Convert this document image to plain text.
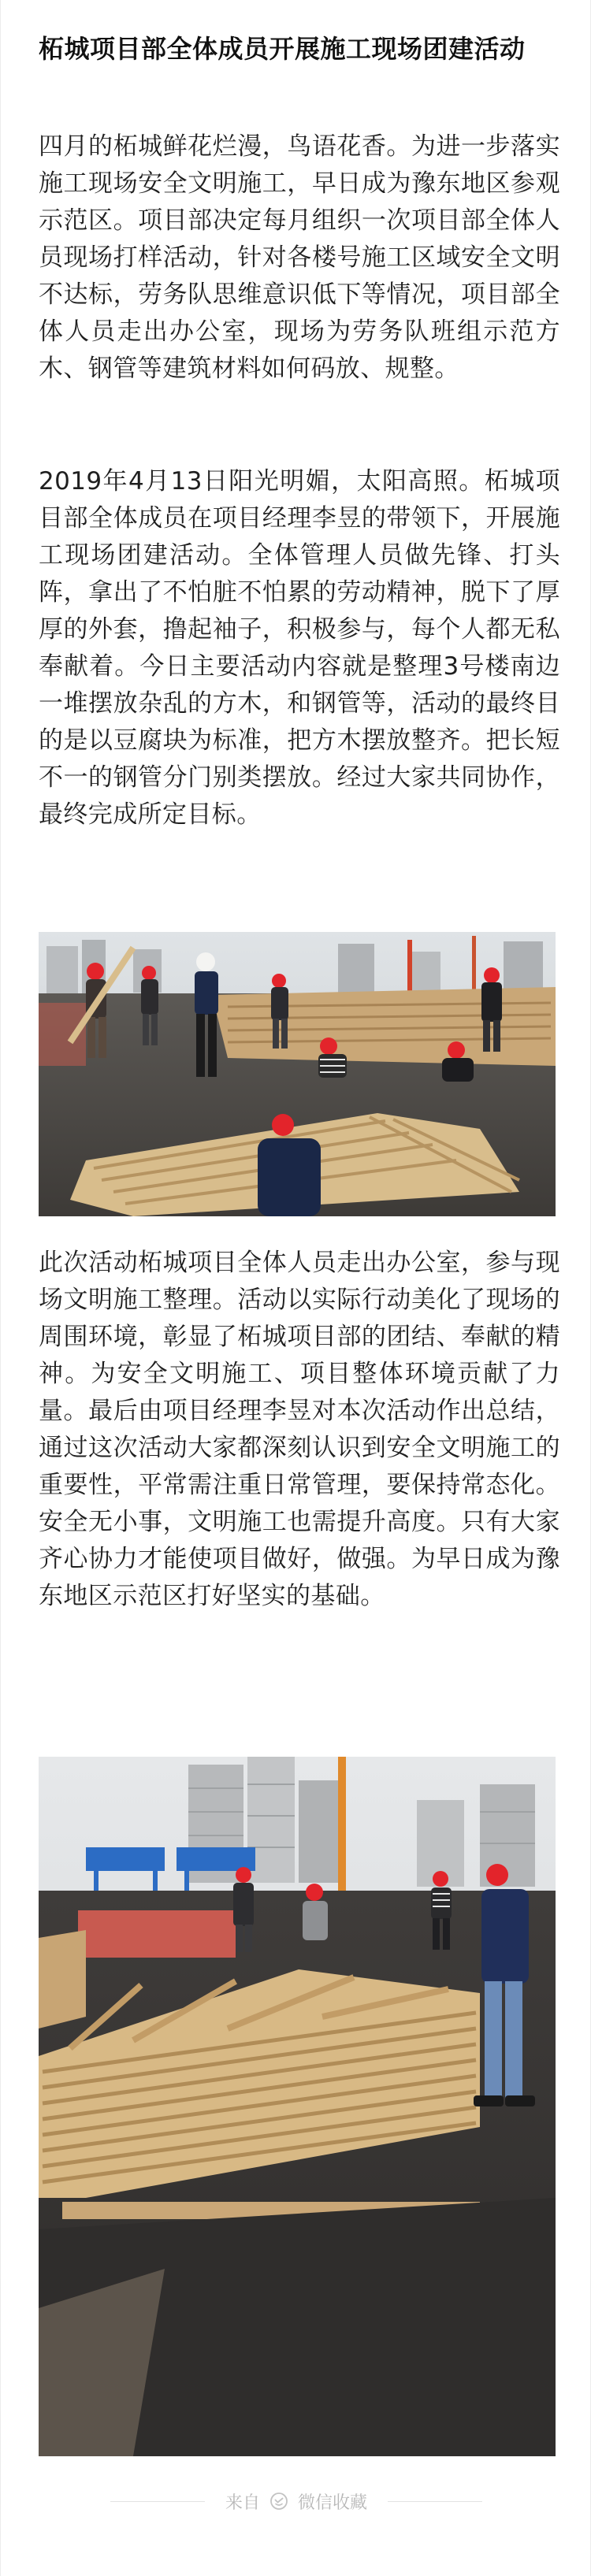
柘城项目部全体成员开展施工现场团建活动
四月的柘城鲜花烂漫，鸟语花香。为进一步落实施工现场安全文明施工，早日成为豫东地区参观示范区。项目部决定每月组织一次项目部全体人员现场打样活动，针对各楼号施工区域安全文明不达标，劳务队思维意识低下等情况，项目部全体人员走出办公室，现场为劳务队班组示范方木、钢管等建筑材料如何码放、规整。
2019年4月13日阳光明媚，太阳高照。柘城项目部全体成员在项目经理李昱的带领下，开展施工现场团建活动。全体管理人员做先锋、打头阵，拿出了不怕脏不怕累的劳动精神，脱下了厚厚的外套，撸起袖子，积极参与，每个人都无私奉献着。今日主要活动内容就是整理3号楼南边一堆摆放杂乱的方木，和钢管等，活动的最终目的是以豆腐块为标准，把方木摆放整齐。把长短不一的钢管分门别类摆放。经过大家共同协作，最终完成所定目标。
此次活动柘城项目全体人员走出办公室，参与现场文明施工整理。活动以实际行动美化了现场的周围环境，彰显了柘城项目部的团结、奉献的精神。为安全文明施工、项目整体环境贡献了力量。最后由项目经理李昱对本次活动作出总结，通过这次活动大家都深刻认识到安全文明施工的重要性，平常需注重日常管理，要保持常态化。安全无小事，文明施工也需提升高度。只有大家齐心协力才能使项目做好，做强。为早日成为豫东地区示范区打好坚实的基础。
来自 微信收藏
